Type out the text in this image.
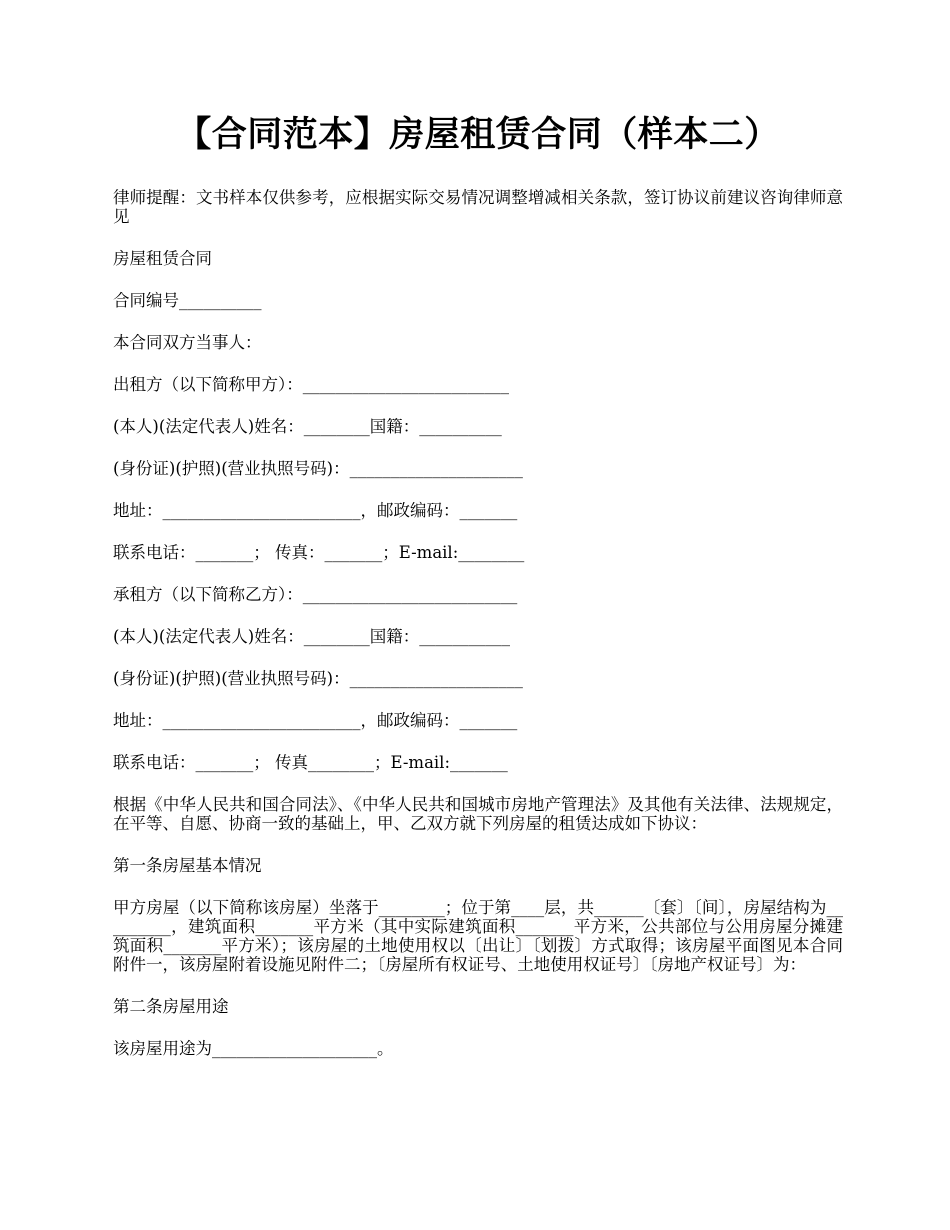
【合同范本】房屋租赁合同（样本二）

律师提醒：文书样本仅供参考，应根据实际交易情况调整增减相关条款，签订协议前建议咨询律师意见

房屋租赁合同

合同编号__________

本合同双方当事人：

出租方（以下简称甲方）：_________________________

(本人)(法定代表人)姓名：________国籍：__________

(身份证)(护照)(营业执照号码)：_____________________

地址：________________________，邮政编码：_______

联系电话：_______； 传真：_______；E-mail:________

承租方（以下简称乙方）：__________________________

(本人)(法定代表人)姓名：________国籍：___________

(身份证)(护照)(营业执照号码)：_____________________

地址：________________________，邮政编码：_______

联系电话：_______； 传真________；E-mail:_______

根据《中华人民共和国合同法》、《中华人民共和国城市房地产管理法》及其他有关法律、法规规定，在平等、自愿、协商一致的基础上，甲、乙双方就下列房屋的租赁达成如下协议：

第一条房屋基本情况

甲方房屋（以下简称该房屋）坐落于________；位于第____层，共______〔套〕〔间〕，房屋结构为_________，建筑面积_______平方米（其中实际建筑面积_______平方米，公共部位与公用房屋分摊建筑面积_______平方米）；该房屋的土地使用权以〔出让〕〔划拨〕方式取得；该房屋平面图见本合同附件一，该房屋附着设施见附件二；〔房屋所有权证号、土地使用权证号〕〔房地产权证号〕为：

第二条房屋用途

该房屋用途为____________________。
